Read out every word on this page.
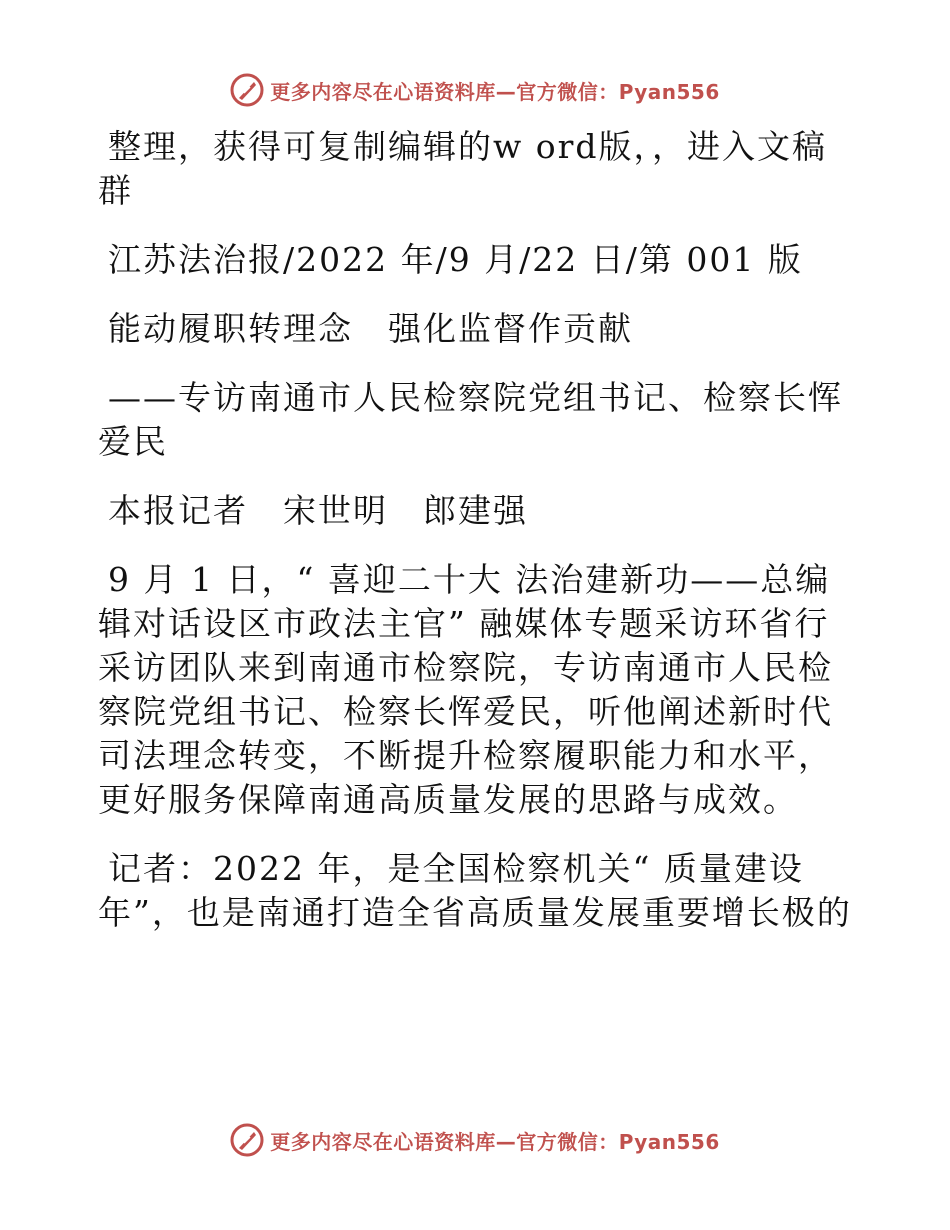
更多内容尽在心语资料库—官方微信：Pyan556

整理，获得可复制编辑的w ord版，，进入文稿群

江苏法治报/2022 年/9 月/22 日/第 001 版

能动履职转理念　强化监督作贡献

——专访南通市人民检察院党组书记、检察长恽爱民

本报记者　宋世明　郎建强

9 月 1 日，“ 喜迎二十大 法治建新功——总编辑对话设区市政法主官” 融媒体专题采访环省行采访团队来到南通市检察院，专访南通市人民检察院党组书记、检察长恽爱民，听他阐述新时代司法理念转变，不断提升检察履职能力和水平，更好服务保障南通高质量发展的思路与成效。

记者：2022 年，是全国检察机关“ 质量建设年”，也是南通打造全省高质量发展重要增长极的

更多内容尽在心语资料库—官方微信：Pyan556
